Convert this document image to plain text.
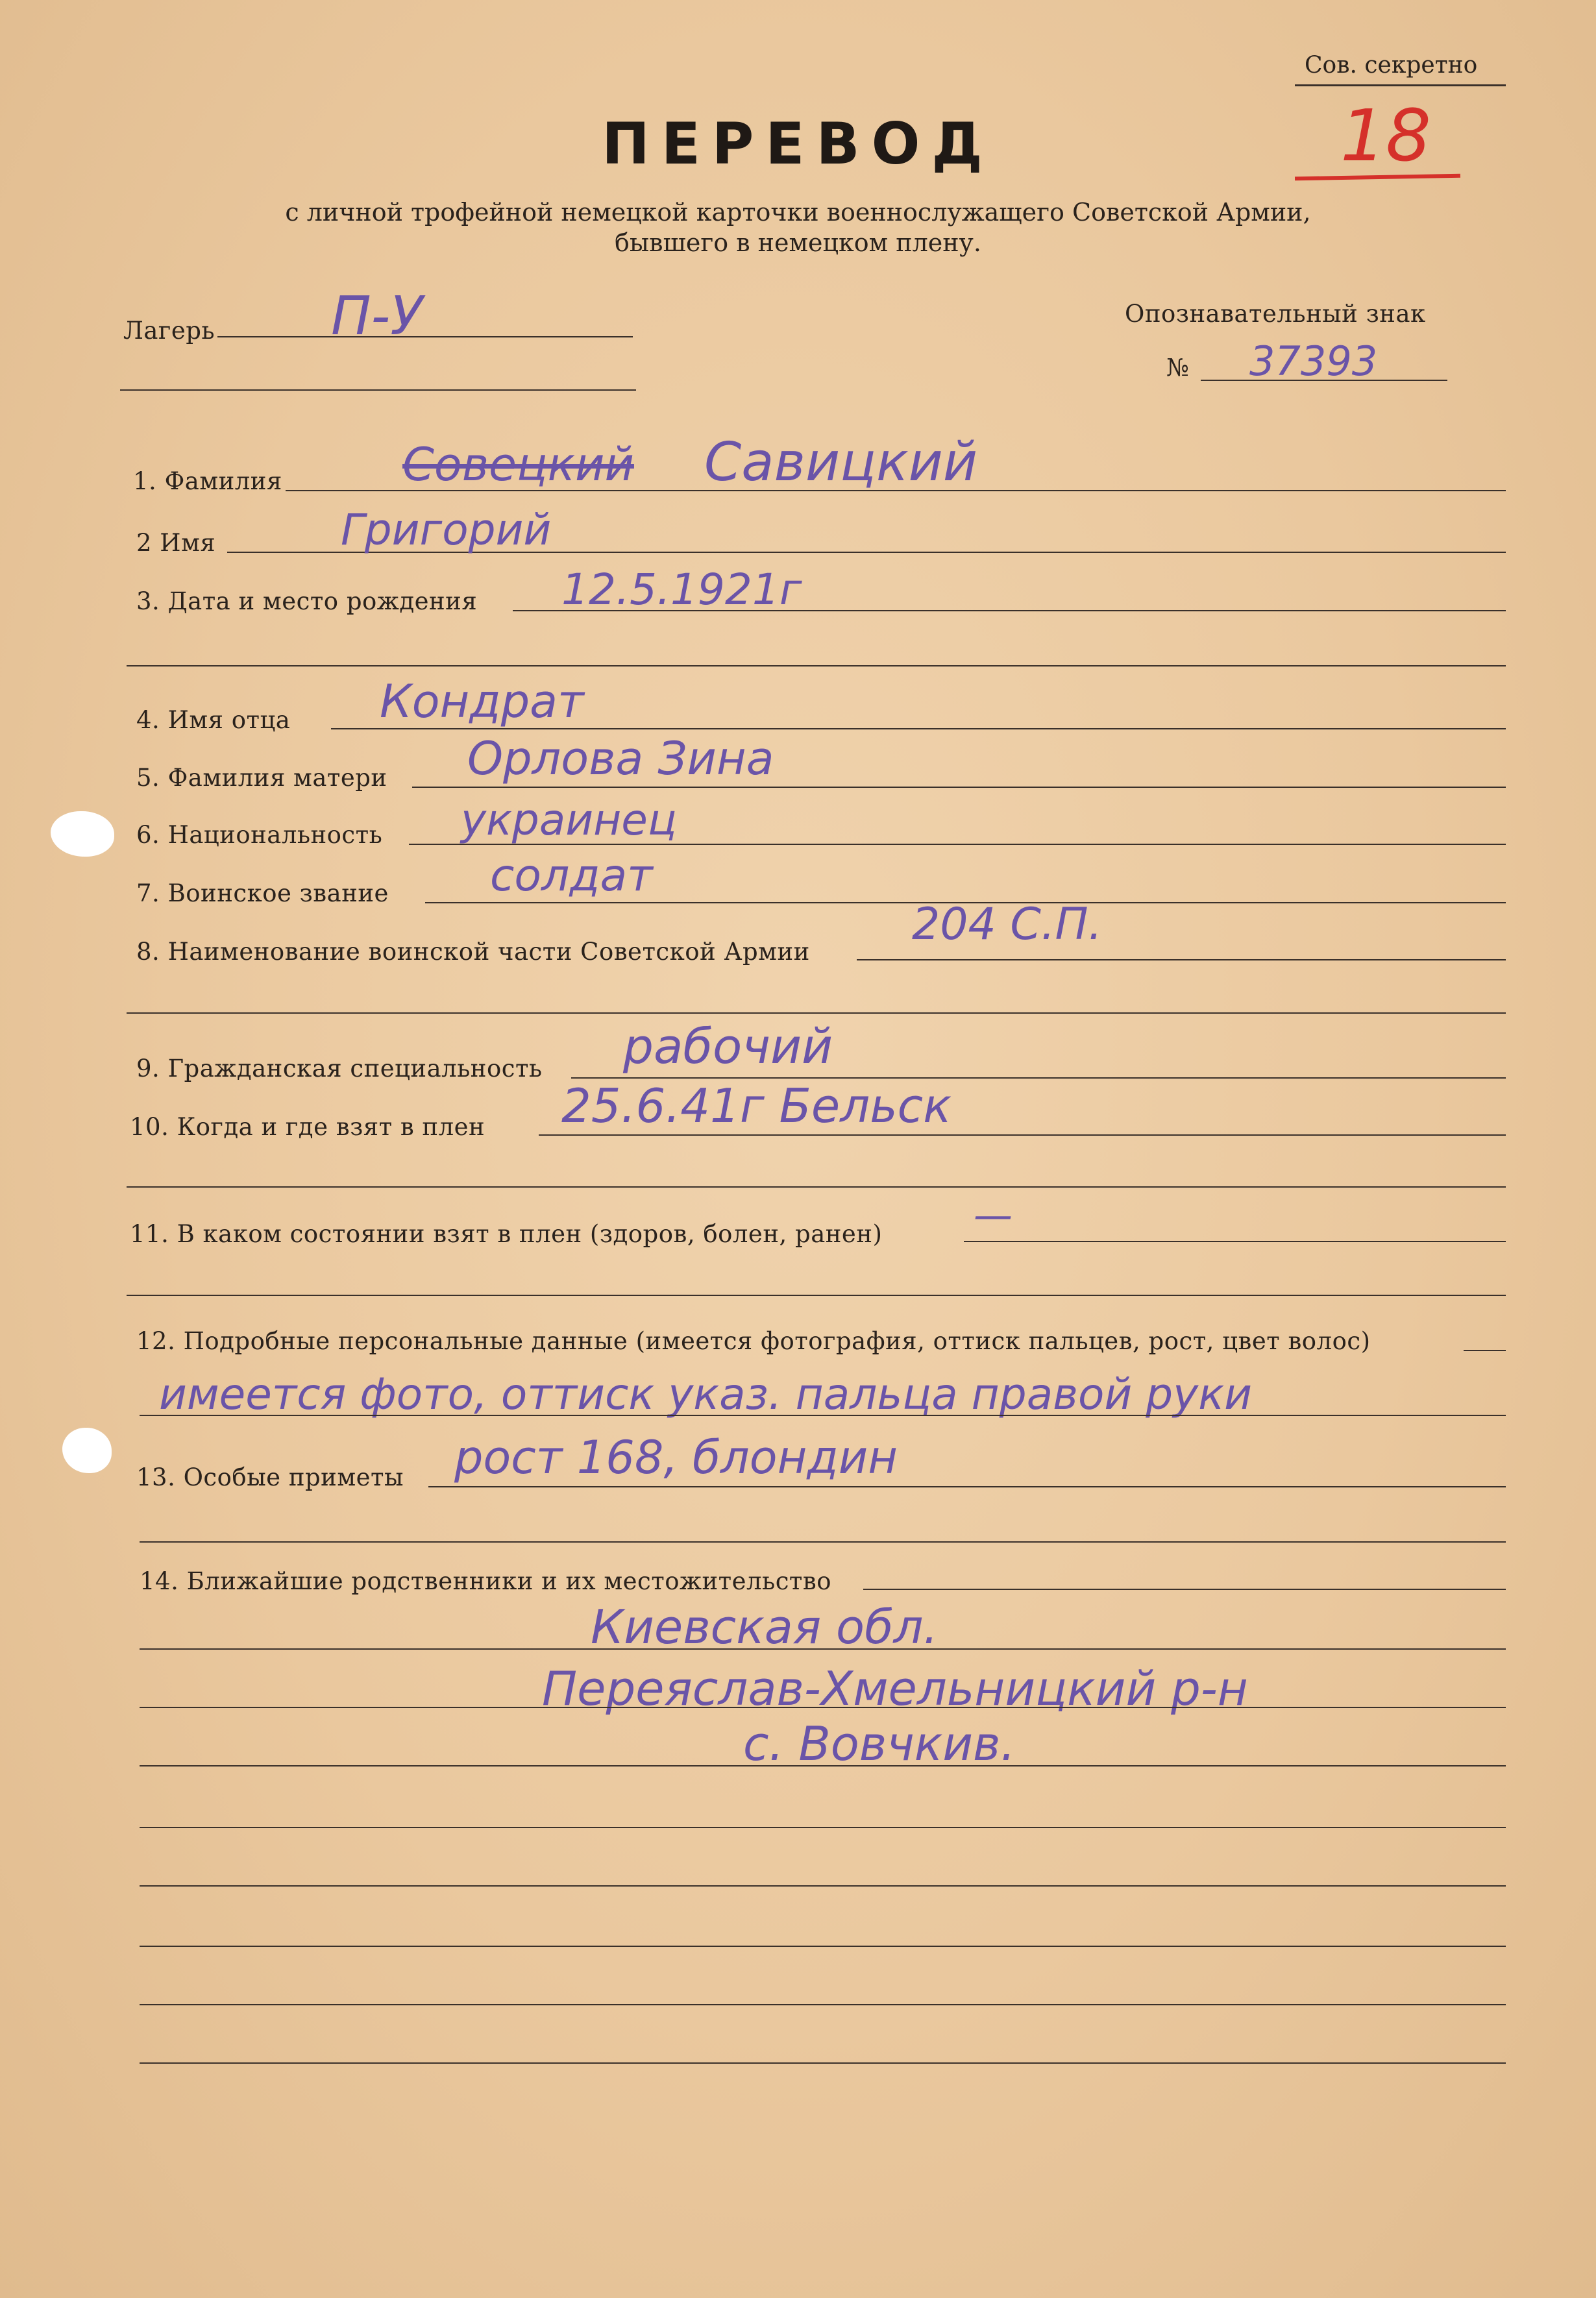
Сов. секретно
18
ПЕРЕВОД
с личной трофейной немецкой карточки военнослужащего Советской Армии,
бывшего в немецком плену.
Лагерь П-У	Опознавательный знак
№ 37393
1. Фамилия	Совецкий Савицкий
2 Имя	Григорий
3. Дата и место рождения 12.5.1921г
4. Имя отца Кондрат
5. Фамилия матери Орлова Зина
6. Национальность украинец
7. Воинское звание солдат
8. Наименование воинской части Советской Армии
204 С.П.
9. Гражданская специальность рабочий
10. Когда и где взят в плен 25.6.41г Бельск
11. В каком состоянии взят в плен (здоров, болен, ранен) —
12. Подробные персональные данные (имеется фотография, оттиск пальцев, рост, цвет волос)
имеется фото, оттиск указ. пальца правой руки
13. Особые приметы рост 168, блондин
14. Ближайшие родственники и их местожительство
Киевская обл.
Переяслав-Хмельницкий р-н
с. Вовчкив.
